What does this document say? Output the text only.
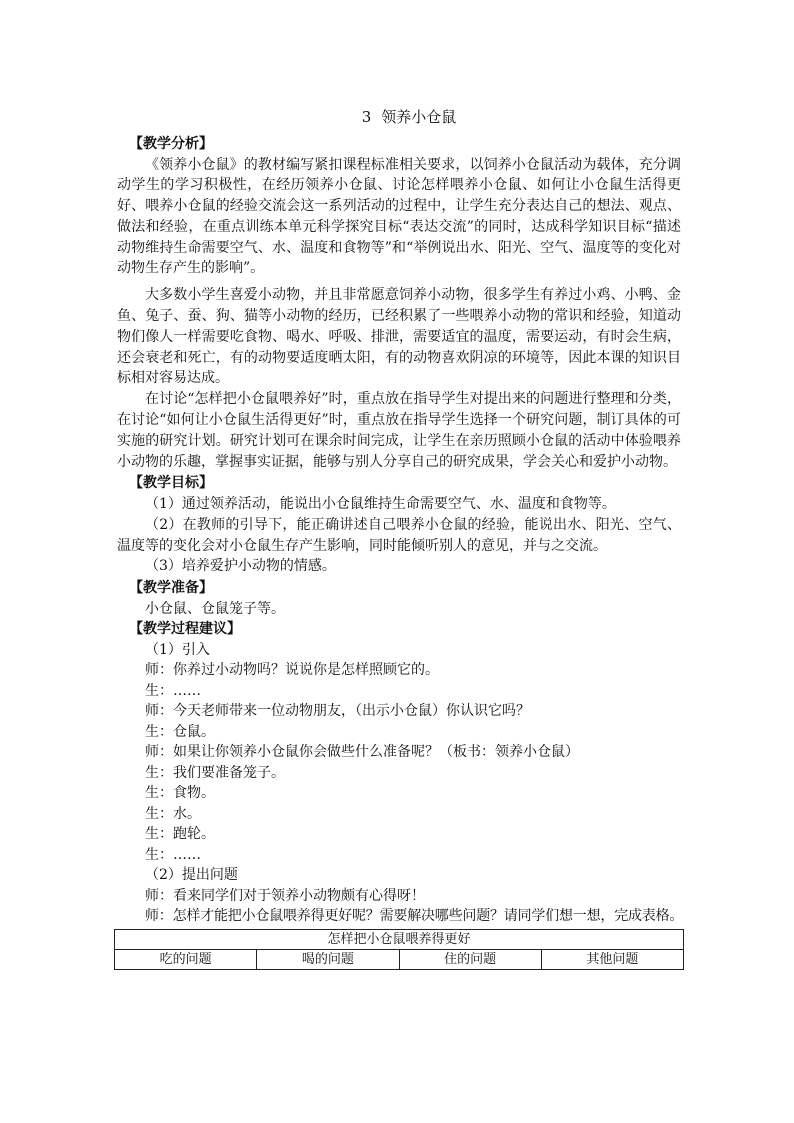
3 领养小仓鼠
【教学分析】

《领养小仓鼠》的教材编写紧扣课程标准相关要求，以饲养小仓鼠活动为载体，充分调动学生的学习积极性，在经历领养小仓鼠、讨论怎样喂养小仓鼠、如何让小仓鼠生活得更好、喂养小仓鼠的经验交流会这一系列活动的过程中，让学生充分表达自己的想法、观点、做法和经验，在重点训练本单元科学探究目标“表达交流”的同时，达成科学知识目标“描述动物维持生命需要空气、水、温度和食物等”和“举例说出水、阳光、空气、温度等的变化对动物生存产生的影响”。

大多数小学生喜爱小动物，并且非常愿意饲养小动物，很多学生有养过小鸡、小鸭、金鱼、兔子、蚕、狗、猫等小动物的经历，已经积累了一些喂养小动物的常识和经验，知道动物们像人一样需要吃食物、喝水、呼吸、排泄，需要适宜的温度，需要运动，有时会生病，还会衰老和死亡，有的动物要适度晒太阳，有的动物喜欢阴凉的环境等，因此本课的知识目标相对容易达成。

在讨论“怎样把小仓鼠喂养好”时，重点放在指导学生对提出来的问题进行整理和分类，在讨论“如何让小仓鼠生活得更好”时，重点放在指导学生选择一个研究问题，制订具体的可实施的研究计划。研究计划可在课余时间完成，让学生在亲历照顾小仓鼠的活动中体验喂养小动物的乐趣，掌握事实证据，能够与别人分享自己的研究成果，学会关心和爱护小动物。

【教学目标】

（1）通过领养活动，能说出小仓鼠维持生命需要空气、水、温度和食物等。

（2）在教师的引导下，能正确讲述自己喂养小仓鼠的经验，能说出水、阳光、空气、温度等的变化会对小仓鼠生存产生影响，同时能倾听别人的意见，并与之交流。

（3）培养爱护小动物的情感。

【教学准备】
小仓鼠、仓鼠笼子等。
【教学过程建议】
（1）引入
师：你养过小动物吗？说说你是怎样照顾它的。
生：……
师：今天老师带来一位动物朋友，（出示小仓鼠）你认识它吗？
生：仓鼠。
师：如果让你领养小仓鼠你会做些什么准备呢？（板书：领养小仓鼠）
生：我们要准备笼子。
生：食物。
生：水。
生：跑轮。
生：……
（2）提出问题
师：看来同学们对于领养小动物颇有心得呀！
师：怎样才能把小仓鼠喂养得更好呢？需要解决哪些问题？请同学们想一想，完成表格。
怎样把小仓鼠喂养得更好
吃的问题	喝的问题	住的问题	其他问题
